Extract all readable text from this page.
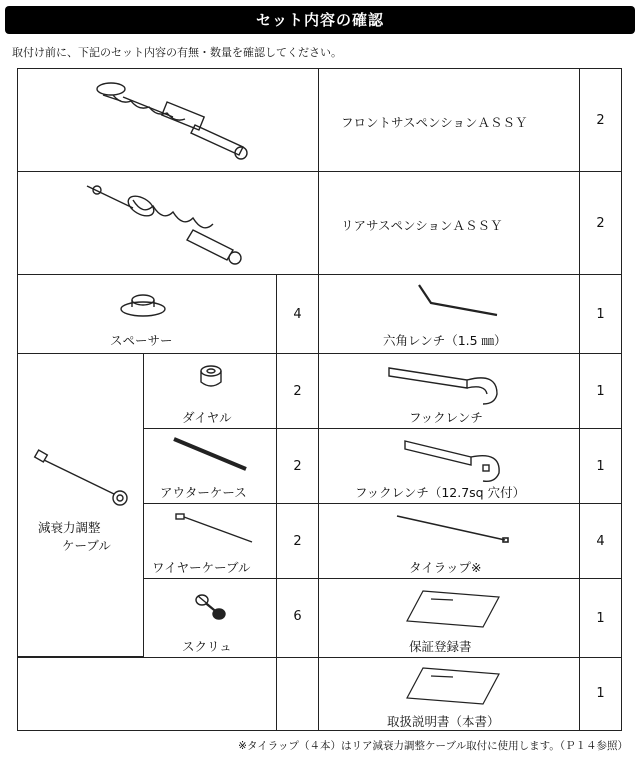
セット内容の確認
取付け前に、下記のセット内容の有無・数量を確認してください。
フロントサスペンションＡＳＳＹ	2
リアサスペンションＡＳＳＹ	2
スペーサー
4
六角レンチ（1.5 ㎜）
1
減衰力調整
ケーブル
ダイヤル
2
フックレンチ
1
アウターケース
2
フックレンチ（12.7sq 穴付）
1
ワイヤーケーブル
2
タイラップ※
4
スクリュ
6
保証登録書
1
取扱説明書（本書）
1
※タイラップ（４本）はリア減衰力調整ケーブル取付に使用します。（Ｐ１４参照）
